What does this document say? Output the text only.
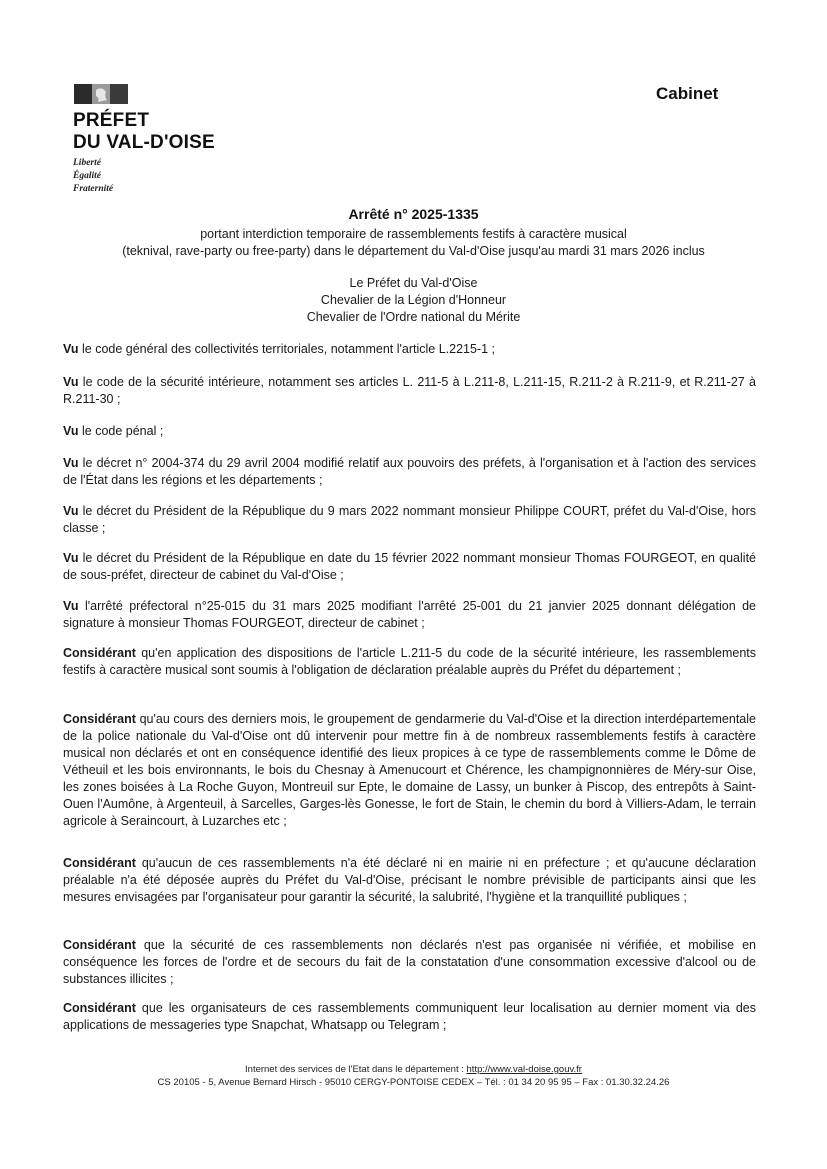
PRÉFET
DU VAL-D'OISE
Liberté
Égalité
Fraternité
Cabinet
Arrêté n° 2025-1335
portant interdiction temporaire de rassemblements festifs à caractère musical
(teknival, rave-party ou free-party) dans le département du Val-d'Oise jusqu'au mardi 31 mars 2026 inclus
Le Préfet du Val-d'Oise
Chevalier de la Légion d'Honneur
Chevalier de l'Ordre national du Mérite

Vu le code général des collectivités territoriales, notamment l'article L.2215-1 ;

Vu le code de la sécurité intérieure, notamment ses articles L. 211-5 à L.211-8, L.211-15, R.211-2 à R.211-9, et R.211-27 à R.211-30 ;

Vu le code pénal ;

Vu le décret n° 2004-374 du 29 avril 2004 modifié relatif aux pouvoirs des préfets, à l'organisation et à l'action des services de l'État dans les régions et les départements ;

Vu le décret du Président de la République du 9 mars 2022 nommant monsieur Philippe COURT, préfet du Val-d'Oise, hors classe ;

Vu le décret du Président de la République en date du 15 février 2022 nommant monsieur Thomas FOURGEOT, en qualité de sous-préfet, directeur de cabinet du Val-d'Oise ;

Vu l'arrêté préfectoral n°25-015 du 31 mars 2025 modifiant l'arrêté 25-001 du 21 janvier 2025 donnant délégation de signature à monsieur Thomas FOURGEOT, directeur de cabinet ;

Considérant qu'en application des dispositions de l'article L.211-5 du code de la sécurité intérieure, les rassemblements festifs à caractère musical sont soumis à l'obligation de déclaration préalable auprès du Préfet du département ;

Considérant qu'au cours des derniers mois, le groupement de gendarmerie du Val-d'Oise et la direction interdépartementale de la police nationale du Val-d'Oise ont dû intervenir pour mettre fin à de nombreux rassemblements festifs à caractère musical non déclarés et ont en conséquence identifié des lieux propices à ce type de rassemblements comme le Dôme de Vétheuil et les bois environnants, le bois du Chesnay à Amenucourt et Chérence, les champignonnières de Méry-sur Oise, les zones boisées à La Roche Guyon, Montreuil sur Epte, le domaine de Lassy, un bunker à Piscop, des entrepôts à Saint-Ouen l'Aumône, à Argenteuil, à Sarcelles, Garges-lès Gonesse, le fort de Stain, le chemin du bord à Villiers-Adam, le terrain agricole à Seraincourt, à Luzarches etc ;

Considérant qu'aucun de ces rassemblements n'a été déclaré ni en mairie ni en préfecture ; et qu'aucune déclaration préalable n'a été déposée auprès du Préfet du Val-d'Oise, précisant le nombre prévisible de participants ainsi que les mesures envisagées par l'organisateur pour garantir la sécurité, la salubrité, l'hygiène et la tranquillité publiques ;

Considérant que la sécurité de ces rassemblements non déclarés n'est pas organisée ni vérifiée, et mobilise en conséquence les forces de l'ordre et de secours du fait de la constatation d'une consommation excessive d'alcool ou de substances illicites ;

Considérant que les organisateurs de ces rassemblements communiquent leur localisation au dernier moment via des applications de messageries type Snapchat, Whatsapp ou Telegram ;

Internet des services de l'Etat dans le département : http://www.val-doise.gouv.fr
CS 20105 - 5, Avenue Bernard Hirsch - 95010 CERGY-PONTOISE CEDEX – Tél. : 01 34 20 95 95 – Fax : 01.30.32.24.26
